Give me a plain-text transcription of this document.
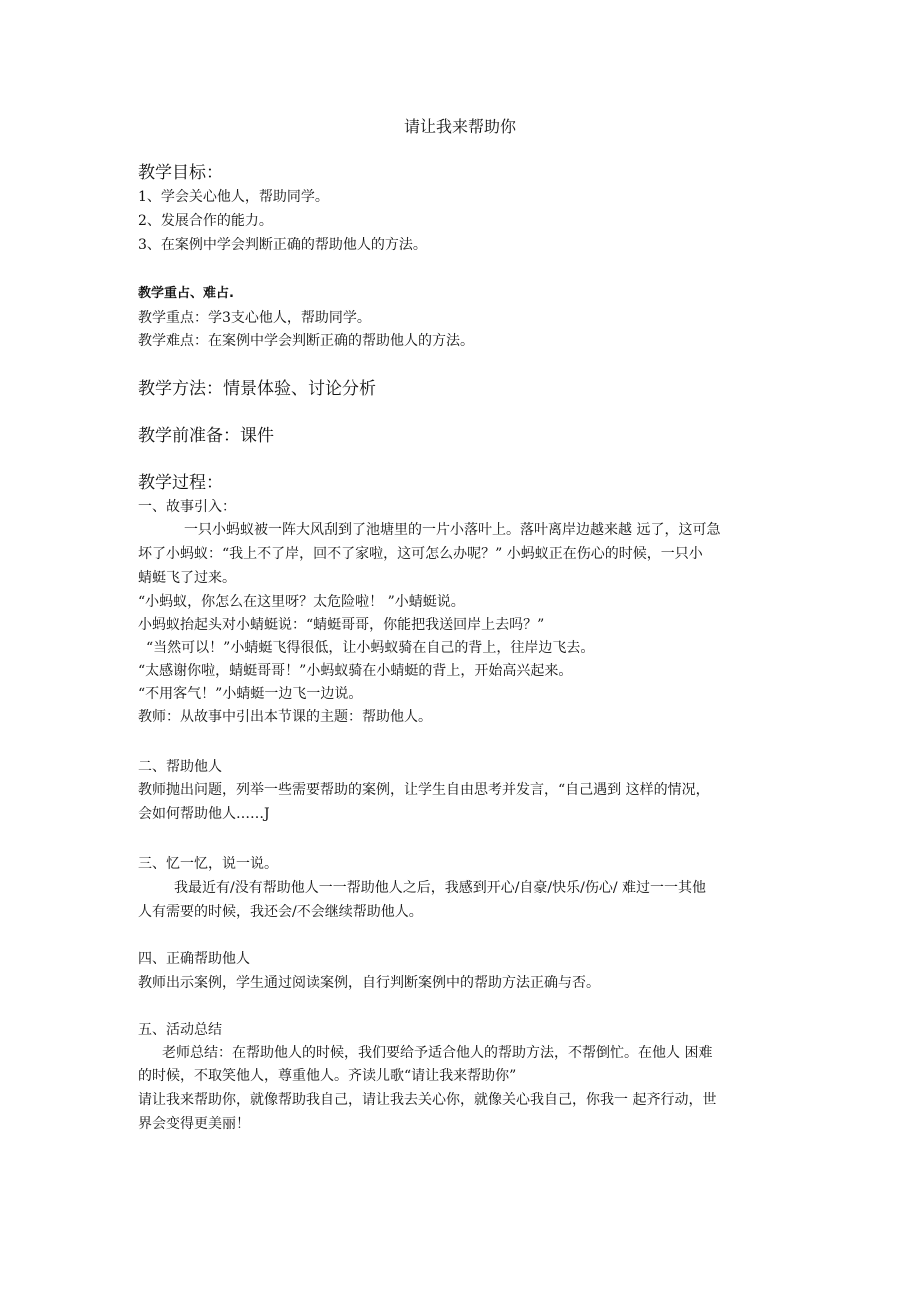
请让我来帮助你
教学目标：
1、学会关心他人，帮助同学。
2、发展合作的能力。
3、在案例中学会判断正确的帮助他人的方法。
教学重占、难占.
教学重点：学3支心他人，帮助同学。
教学难点：在案例中学会判断正确的帮助他人的方法。
教学方法：情景体验、讨论分析
教学前准备：课件
教学过程：
一、故事引入：
一只小蚂蚁被一阵大风刮到了池塘里的一片小落叶上。落叶离岸边越来越 远了，这可急
坏了小蚂蚁：“我上不了岸，回不了家啦，这可怎么办呢？” 小蚂蚁正在伤心的时候，一只小
蜻蜓飞了过来。
“小蚂蚁，你怎么在这里呀？太危险啦！ ”小蜻蜓说。
小蚂蚁抬起头对小蜻蜓说：“蜻蜓哥哥，你能把我送回岸上去吗？”
“当然可以！”小蜻蜓飞得很低，让小蚂蚁骑在自己的背上，往岸边飞去。
“太感谢你啦，蜻蜓哥哥！”小蚂蚁骑在小蜻蜓的背上，开始高兴起来。
“不用客气！”小蜻蜓一边飞一边说。
教师：从故事中引出本节课的主题：帮助他人。
二、帮助他人
教师抛出问题，列举一些需要帮助的案例，让学生自由思考并发言，“自己遇到 这样的情况，
会如何帮助他人……J
三、忆一忆，说一说。
我最近有/没有帮助他人一一帮助他人之后，我感到开心/自豪/快乐/伤心/ 难过一一其他
人有需要的时候，我还会/不会继续帮助他人。
四、正确帮助他人
教师出示案例，学生通过阅读案例，自行判断案例中的帮助方法正确与否。
五、活动总结
老师总结：在帮助他人的时候，我们要给予适合他人的帮助方法，不帮倒忙。在他人 困难
的时候，不取笑他人，尊重他人。齐读儿歌“请让我来帮助你”
请让我来帮助你，就像帮助我自己，请让我去关心你，就像关心我自己，你我一 起齐行动，世
界会变得更美丽！
